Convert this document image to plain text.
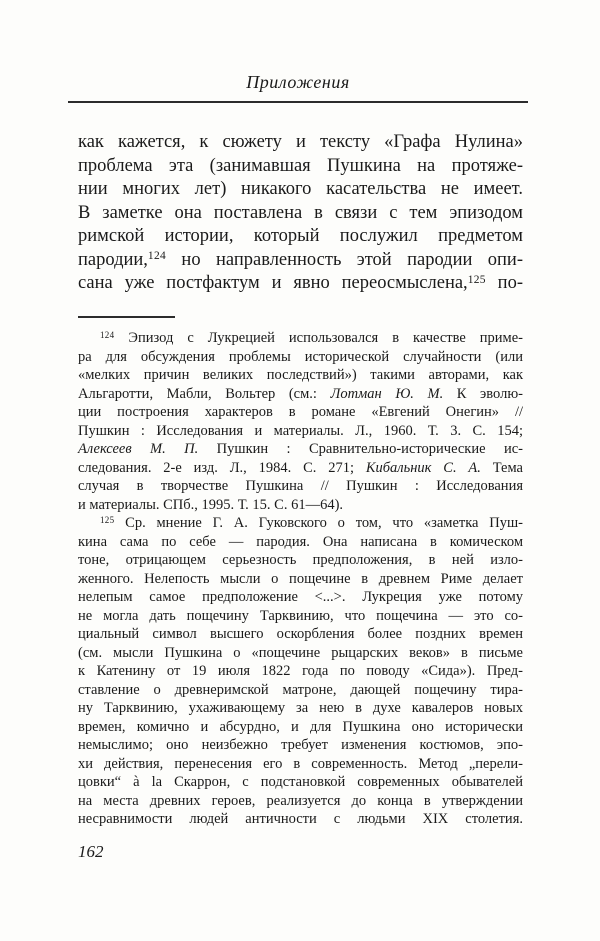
Приложения
как кажется, к сюжету и тексту «Графа Нулина»
проблема эта (занимавшая Пушкина на протяже-
нии многих лет) никакого касательства не имеет.
В заметке она поставлена в связи с тем эпизодом
римской истории, который послужил предметом
пародии,$^{124}$ но направленность этой пародии опи-
сана уже постфактум и явно переосмыслена,$^{125}$ по-
$^{124}$ Эпизод с Лукрецией использовался в качестве приме-
ра для обсуждения проблемы исторической случайности (или
«мелких причин великих последствий») такими авторами, как
Альгаротти, Мабли, Вольтер (см.: Лотман Ю. М. К эволю-
ции построения характеров в романе «Евгений Онегин» //
Пушкин : Исследования и материалы. Л., 1960. Т. 3. С. 154;
Алексеев М. П. Пушкин : Сравнительно-исторические ис-
следования. 2-е изд. Л., 1984. С. 271; Кибальник С. А. Тема
случая в творчестве Пушкина // Пушкин : Исследования
и материалы. СПб., 1995. Т. 15. С. 61—64).
$^{125}$ Ср. мнение Г. А. Гуковского о том, что «заметка Пуш-
кина сама по себе — пародия. Она написана в комическом
тоне, отрицающем серьезность предположения, в ней изло-
женного. Нелепость мысли о пощечине в древнем Риме делает
нелепым самое предположение <...>. Лукреция уже потому
не могла дать пощечину Тарквинию, что пощечина — это со-
циальный символ высшего оскорбления более поздних времен
(см. мысли Пушкина о «пощечине рыцарских веков» в письме
к Катенину от 19 июля 1822 года по поводу «Сида»). Пред-
ставление о древнеримской матроне, дающей пощечину тира-
ну Тарквинию, ухаживающему за нею в духе кавалеров новых
времен, комично и абсурдно, и для Пушкина оно исторически
немыслимо; оно неизбежно требует изменения костюмов, эпо-
хи действия, перенесения его в современность. Метод „перели-
цовки“ à la Скаррон, с подстановкой современных обывателей
на места древних героев, реализуется до конца в утверждении
несравнимости людей античности с людьми XIX столетия.
162
